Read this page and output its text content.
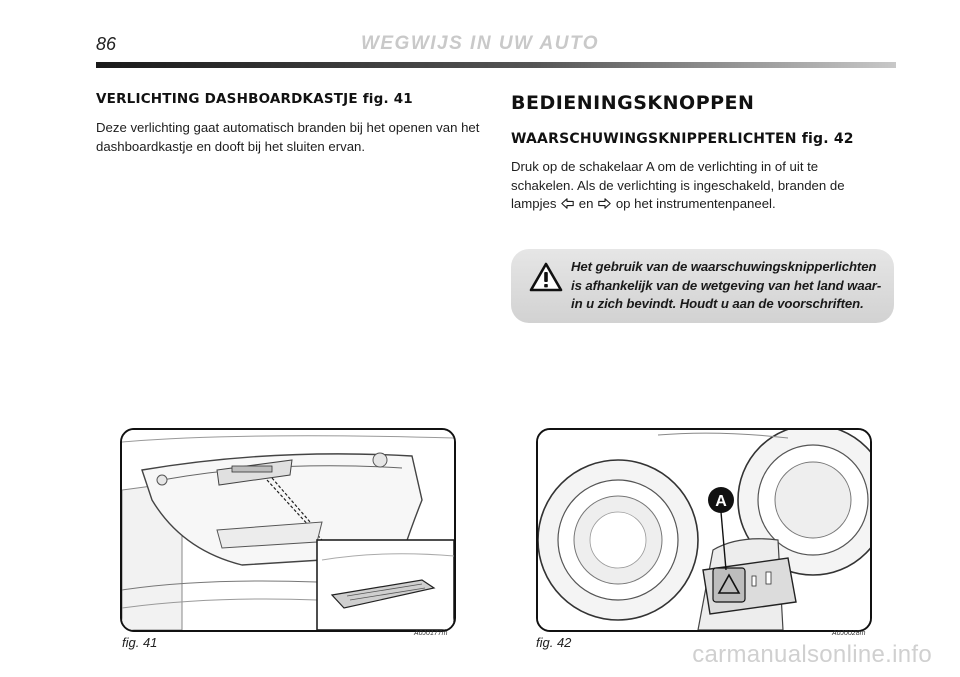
86	WEGWIJS IN UW AUTO
VERLICHTING DASHBOARDKASTJE fig. 41
Deze verlichting gaat automatisch branden bij het openen van het dashboardkastje en dooft bij het sluiten ervan.
BEDIENINGSKNOPPEN
WAARSCHUWINGSKNIPPERLICHTEN fig. 42
Druk op de schakelaar A om de verlichting in of uit te schakelen. Als de verlichting is ingeschakeld, branden de lampjes en op het instrumentenpaneel.
Het gebruik van de waarschuwingsknipperlichten is afhankelijk van de wetgeving van het land waar-in u zich bevindt. Houdt u aan de voorschriften.
A
fig. 41
A0J0177m
fig. 42
A0J0028m
carmanualsonline.info
